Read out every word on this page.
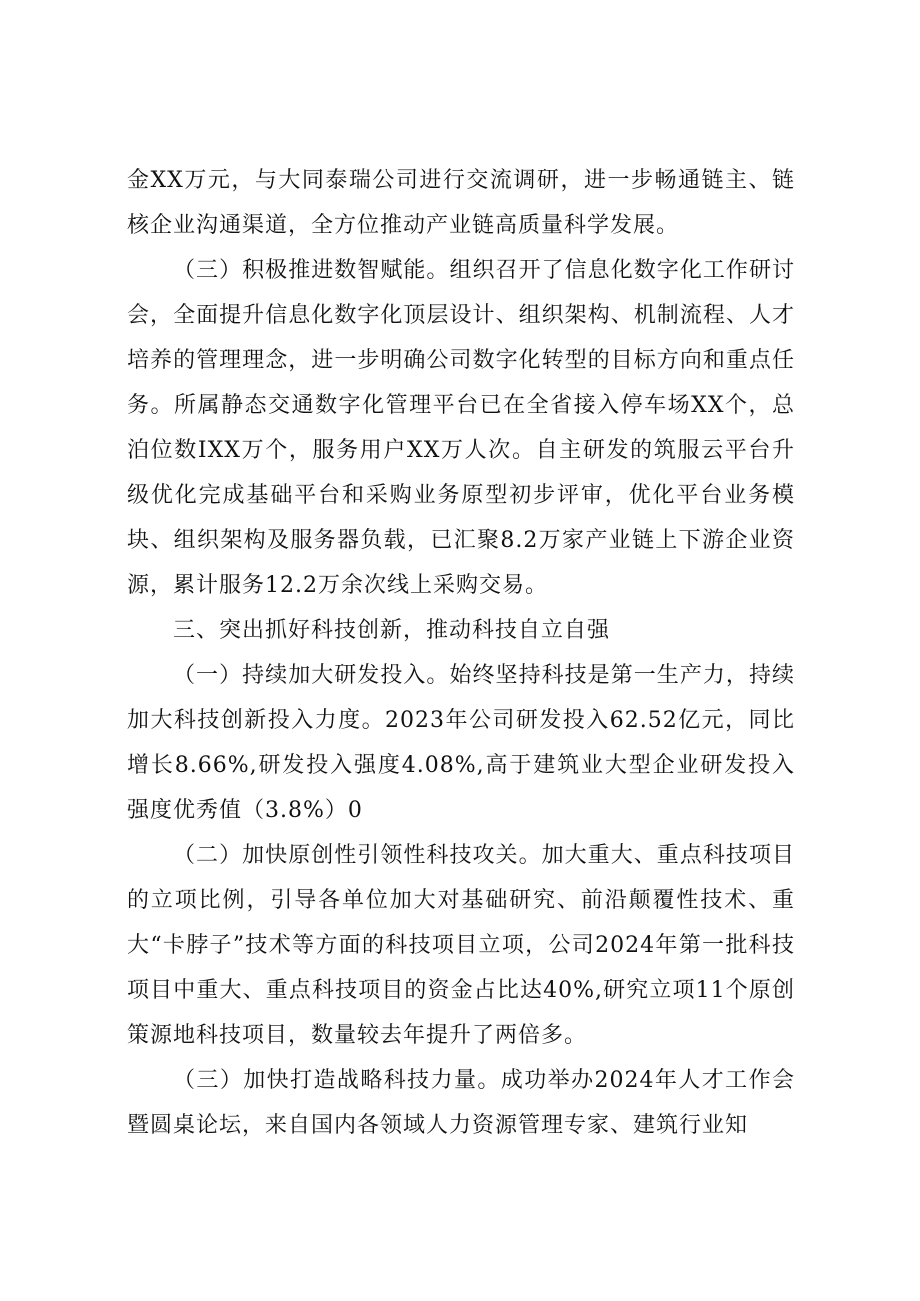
金XX万元，与大同泰瑞公司进行交流调研，进一步畅通链主、链核企业沟通渠道，全方位推动产业链高质量科学发展。

（三）积极推进数智赋能。组织召开了信息化数字化工作研讨会，全面提升信息化数字化顶层设计、组织架构、机制流程、人才培养的管理理念，进一步明确公司数字化转型的目标方向和重点任务。所属静态交通数字化管理平台已在全省接入停车场XX个，总泊位数IXX万个，服务用户XX万人次。自主研发的筑服云平台升级优化完成基础平台和采购业务原型初步评审，优化平台业务模块、组织架构及服务器负载，已汇聚8.2万家产业链上下游企业资源，累计服务12.2万余次线上采购交易。

三、突出抓好科技创新，推动科技自立自强

（一）持续加大研发投入。始终坚持科技是第一生产力，持续加大科技创新投入力度。2023年公司研发投入62.52亿元，同比增长8.66%,研发投入强度4.08%,高于建筑业大型企业研发投入强度优秀值（3.8%）0

（二）加快原创性引领性科技攻关。加大重大、重点科技项目的立项比例，引导各单位加大对基础研究、前沿颠覆性技术、重大“卡脖子”技术等方面的科技项目立项，公司2024年第一批科技项目中重大、重点科技项目的资金占比达40%,研究立项11个原创策源地科技项目，数量较去年提升了两倍多。

（三）加快打造战略科技力量。成功举办2024年人才工作会暨圆桌论坛，来自国内各领域人力资源管理专家、建筑行业知
